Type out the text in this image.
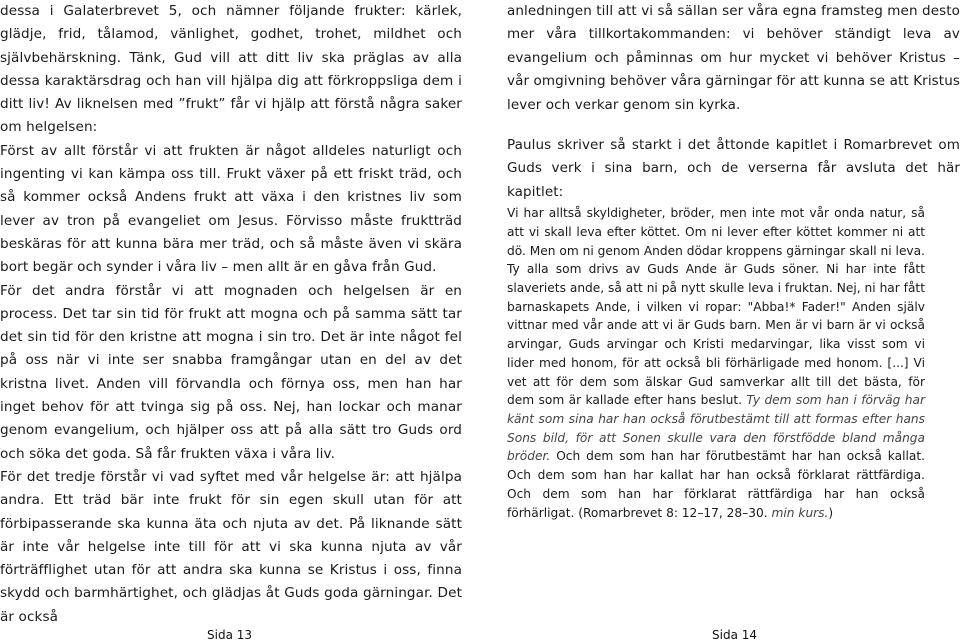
dessa i Galaterbrevet 5, och nämner följande frukter: kärlek, glädje, frid, tålamod, vänlighet, godhet, trohet, mildhet och självbehärskning. Tänk, Gud vill att ditt liv ska präglas av alla dessa karaktärsdrag och han vill hjälpa dig att förkroppsliga dem i ditt liv! Av liknelsen med ”frukt” får vi hjälp att förstå några saker om helgelsen:

Först av allt förstår vi att frukten är något alldeles naturligt och ingenting vi kan kämpa oss till. Frukt växer på ett friskt träd, och så kommer också Andens frukt att växa i den kristnes liv som lever av tron på evangeliet om Jesus. Förvisso måste fruktträd beskäras för att kunna bära mer träd, och så måste även vi skära bort begär och synder i våra liv – men allt är en gåva från Gud.

För det andra förstår vi att mognaden och helgelsen är en process. Det tar sin tid för frukt att mogna och på samma sätt tar det sin tid för den kristne att mogna i sin tro. Det är inte något fel på oss när vi inte ser snabba framgångar utan en del av det kristna livet. Anden vill förvandla och förnya oss, men han har inget behov för att tvinga sig på oss. Nej, han lockar och manar genom evangelium, och hjälper oss att på alla sätt tro Guds ord och söka det goda. Så får frukten växa i våra liv.

För det tredje förstår vi vad syftet med vår helgelse är: att hjälpa andra. Ett träd bär inte frukt för sin egen skull utan för att förbipasserande ska kunna äta och njuta av det. På liknande sätt är inte vår helgelse inte till för att vi ska kunna njuta av vår förträfflighet utan för att andra ska kunna se Kristus i oss, finna skydd och barmhärtighet, och glädjas åt Guds goda gärningar. Det är också

anledningen till att vi så sällan ser våra egna framsteg men desto mer våra tillkortakommanden: vi behöver ständigt leva av evangelium och påminnas om hur mycket vi behöver Kristus – vår omgivning behöver våra gärningar för att kunna se att Kristus lever och verkar genom sin kyrka.

Paulus skriver så starkt i det åttonde kapitlet i Romarbrevet om Guds verk i sina barn, och de verserna får avsluta det här kapitlet:

Vi har alltså skyldigheter, bröder, men inte mot vår onda natur, så att vi skall leva efter köttet. Om ni lever efter köttet kommer ni att dö. Men om ni genom Anden dödar kroppens gärningar skall ni leva. Ty alla som drivs av Guds Ande är Guds söner. Ni har inte fått slaveriets ande, så att ni på nytt skulle leva i fruktan. Nej, ni har fått barnaskapets Ande, i vilken vi ropar: "Abba!* Fader!" Anden själv vittnar med vår ande att vi är Guds barn. Men är vi barn är vi också arvingar, Guds arvingar och Kristi medarvingar, lika visst som vi lider med honom, för att också bli förhärligade med honom. [...] Vi vet att för dem som älskar Gud samverkar allt till det bästa, för dem som är kallade efter hans beslut. Ty dem som han i förväg har känt som sina har han också förutbestämt till att formas efter hans Sons bild, för att Sonen skulle vara den förstfödde bland många bröder. Och dem som han har förutbestämt har han också kallat. Och dem som han har kallat har han också förklarat rättfärdiga. Och dem som han har förklarat rättfärdiga har han också förhärligat. (Romarbrevet 8: 12–17, 28–30. min kurs.)

Sida 13	Sida 14
